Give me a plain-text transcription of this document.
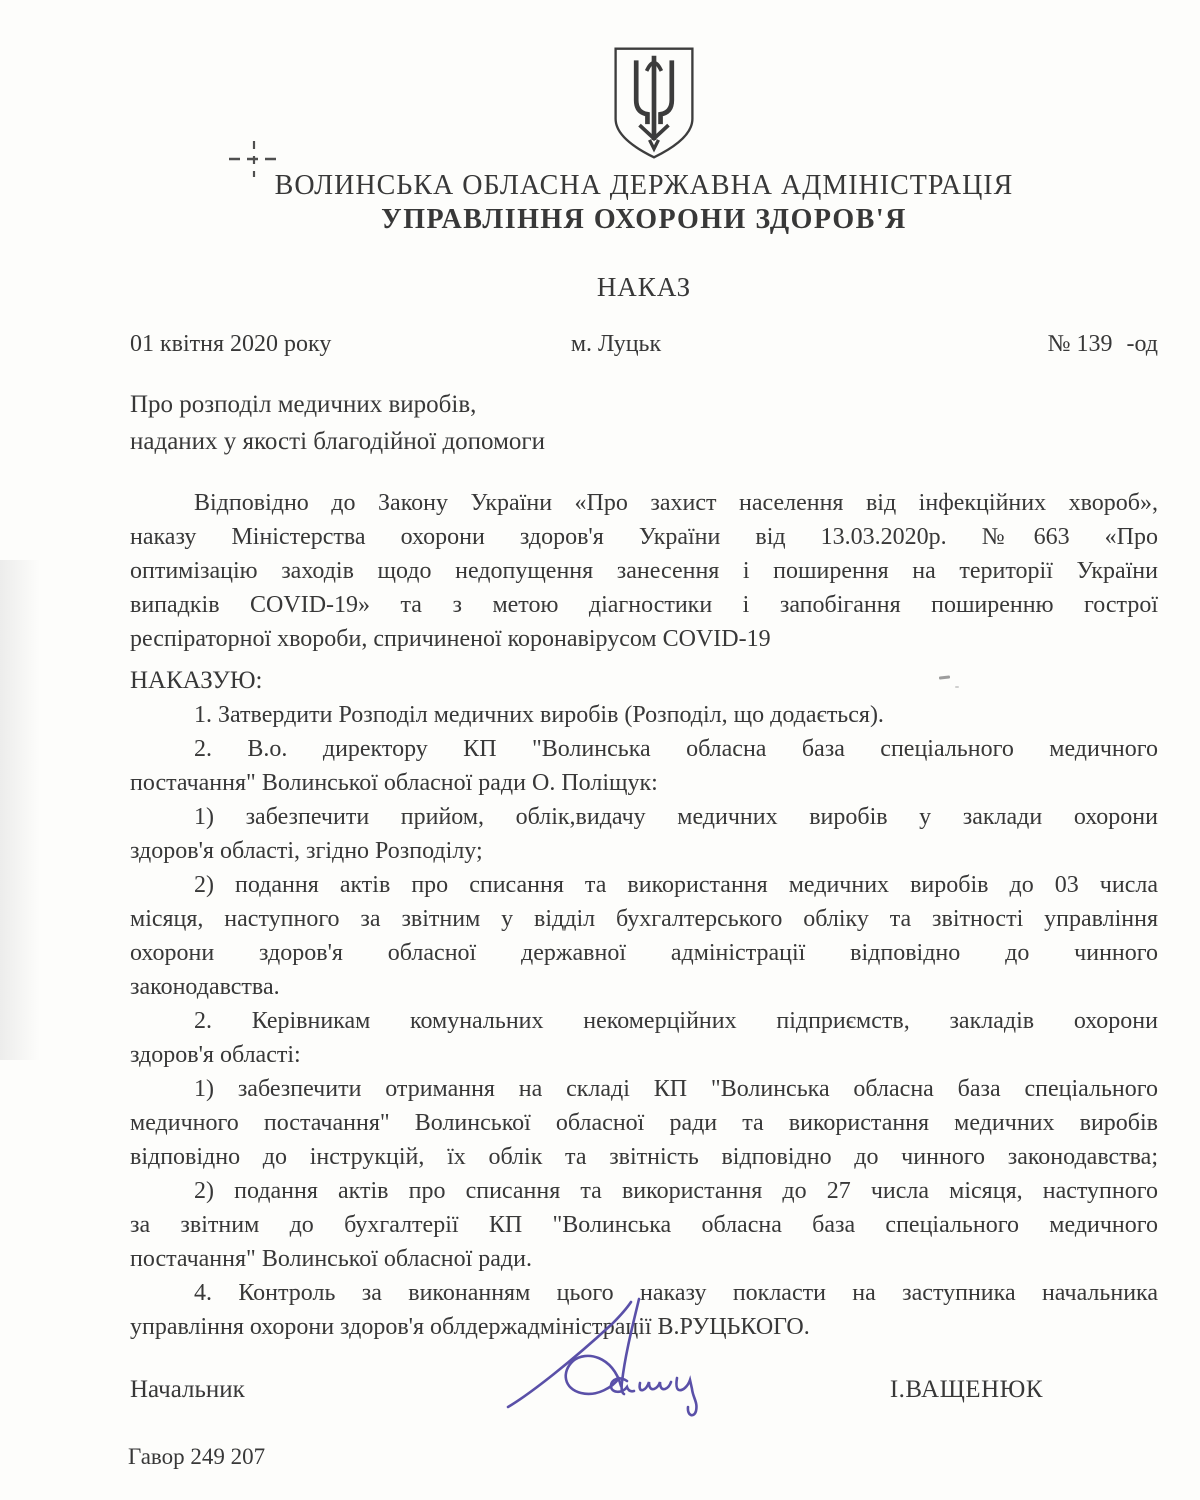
ВОЛИНСЬКА ОБЛАСНА ДЕРЖАВНА АДМІНІСТРАЦІЯ
УПРАВЛІННЯ ОХОРОНИ ЗДОРОВ'Я
НАКАЗ
01 квітня 2020 року	м. Луцьк	№ 139 -од
Про розподіл медичних виробів,
наданих у якості благодійної допомоги
Відповідно до Закону України «Про захист населення від інфекційних хвороб»,
наказу Міністерства охорони здоров'я України від 13.03.2020р. №663 «Про
оптимізацію заходів щодо недопущення занесення і поширення на території України
випадків COVID-19» та з метою діагностики і запобігання поширенню гострої
респіраторної хвороби, спричиненої коронавірусом COVID-19
НАКАЗУЮ:
1. Затвердити Розподіл медичних виробів (Розподіл, що додається).
2. В.о. директору КП "Волинська обласна база спеціального медичного
постачання" Волинської обласної ради О. Поліщук:
1) забезпечити прийом, облік,видачу медичних виробів у заклади охорони
здоров'я області, згідно Розподілу;
2) подання актів про списання та використання медичних виробів до 03 числа
місяця, наступного за звітним у відділ бухгалтерського обліку та звітності управління
охорони здоров'я обласної державної адміністрації відповідно до чинного
законодавства.
2. Керівникам комунальних некомерційних підприємств, закладів охорони
здоров'я області:
1) забезпечити отримання на складі КП "Волинська обласна база спеціального
медичного постачання" Волинської обласної ради та використання медичних виробів
відповідно до інструкцій, їх облік та звітність відповідно до чинного законодавства;
2) подання актів про списання та використання до 27 числа місяця, наступного
за звітним до бухгалтерії КП "Волинська обласна база спеціального медичного
постачання" Волинської обласної ради.
4. Контроль за виконанням цього наказу покласти на заступника начальника
управління охорони здоров'я облдержадміністрації В.РУЦЬКОГО.
Начальник	І.ВАЩЕНЮК
Гавор 249 207
